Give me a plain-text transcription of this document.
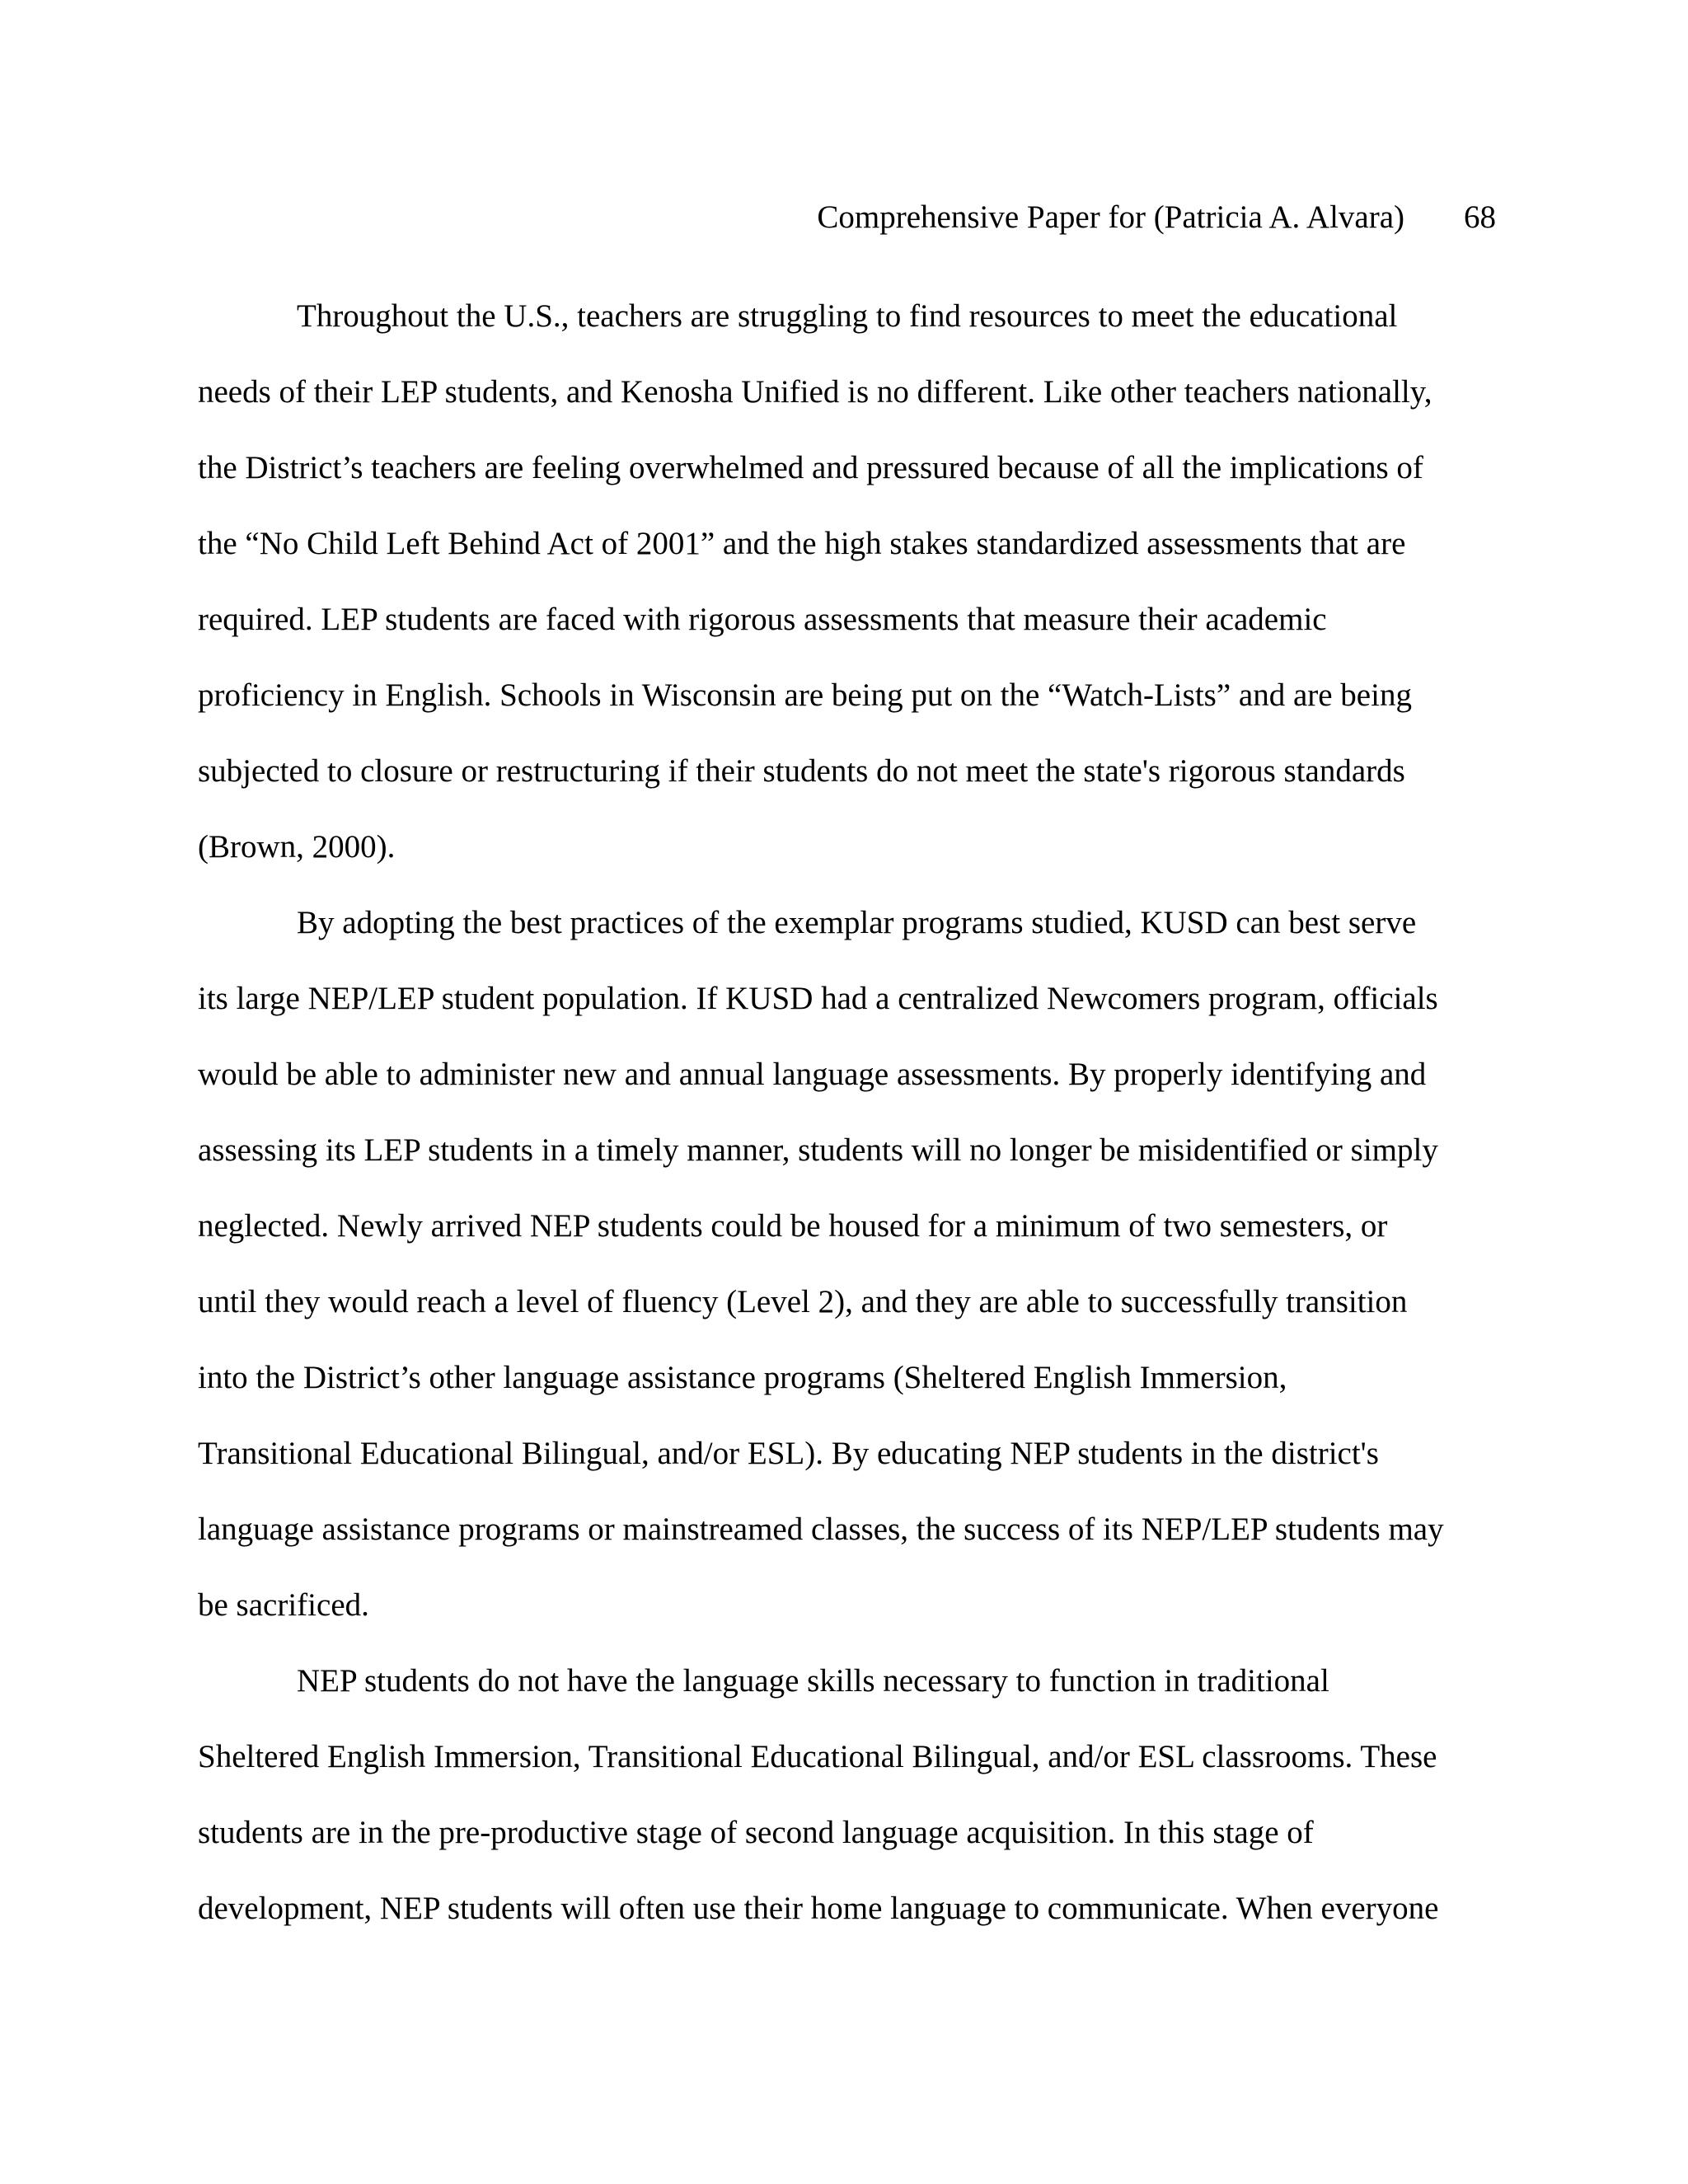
Comprehensive Paper for (Patricia A. Alvara) 68
Throughout the U.S., teachers are struggling to find resources to meet the educational
needs of their LEP students, and Kenosha Unified is no different. Like other teachers nationally,
the District’s teachers are feeling overwhelmed and pressured because of all the implications of
the “No Child Left Behind Act of 2001” and the high stakes standardized assessments that are
required. LEP students are faced with rigorous assessments that measure their academic
proficiency in English. Schools in Wisconsin are being put on the “Watch-Lists” and are being
subjected to closure or restructuring if their students do not meet the state's rigorous standards
(Brown, 2000).
By adopting the best practices of the exemplar programs studied, KUSD can best serve
its large NEP/LEP student population. If KUSD had a centralized Newcomers program, officials
would be able to administer new and annual language assessments. By properly identifying and
assessing its LEP students in a timely manner, students will no longer be misidentified or simply
neglected. Newly arrived NEP students could be housed for a minimum of two semesters, or
until they would reach a level of fluency (Level 2), and they are able to successfully transition
into the District’s other language assistance programs (Sheltered English Immersion,
Transitional Educational Bilingual, and/or ESL). By educating NEP students in the district's
language assistance programs or mainstreamed classes, the success of its NEP/LEP students may
be sacrificed.
NEP students do not have the language skills necessary to function in traditional
Sheltered English Immersion, Transitional Educational Bilingual, and/or ESL classrooms. These
students are in the pre-productive stage of second language acquisition. In this stage of
development, NEP students will often use their home language to communicate. When everyone
